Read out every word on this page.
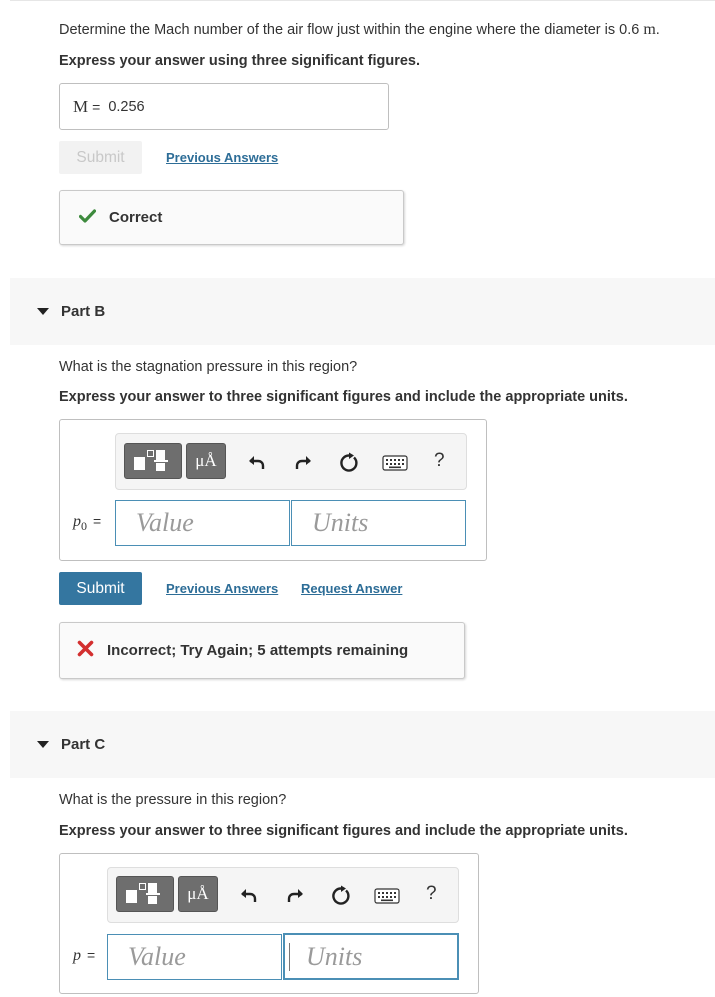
Determine the Mach number of the air flow just within the engine where the diameter is 0.6 m.
Express your answer using three significant figures.
M = 0.256
Submit	Previous Answers
Correct
Part B
What is the stagnation pressure in this region?
Express your answer to three significant figures and include the appropriate units.
μÅ	?
$p_0$ =	Value	Units
Submit	Previous Answers Request Answer
Incorrect; Try Again; 5 attempts remaining
Part C
What is the pressure in this region?
Express your answer to three significant figures and include the appropriate units.
μÅ	?
p =	Value	Units
